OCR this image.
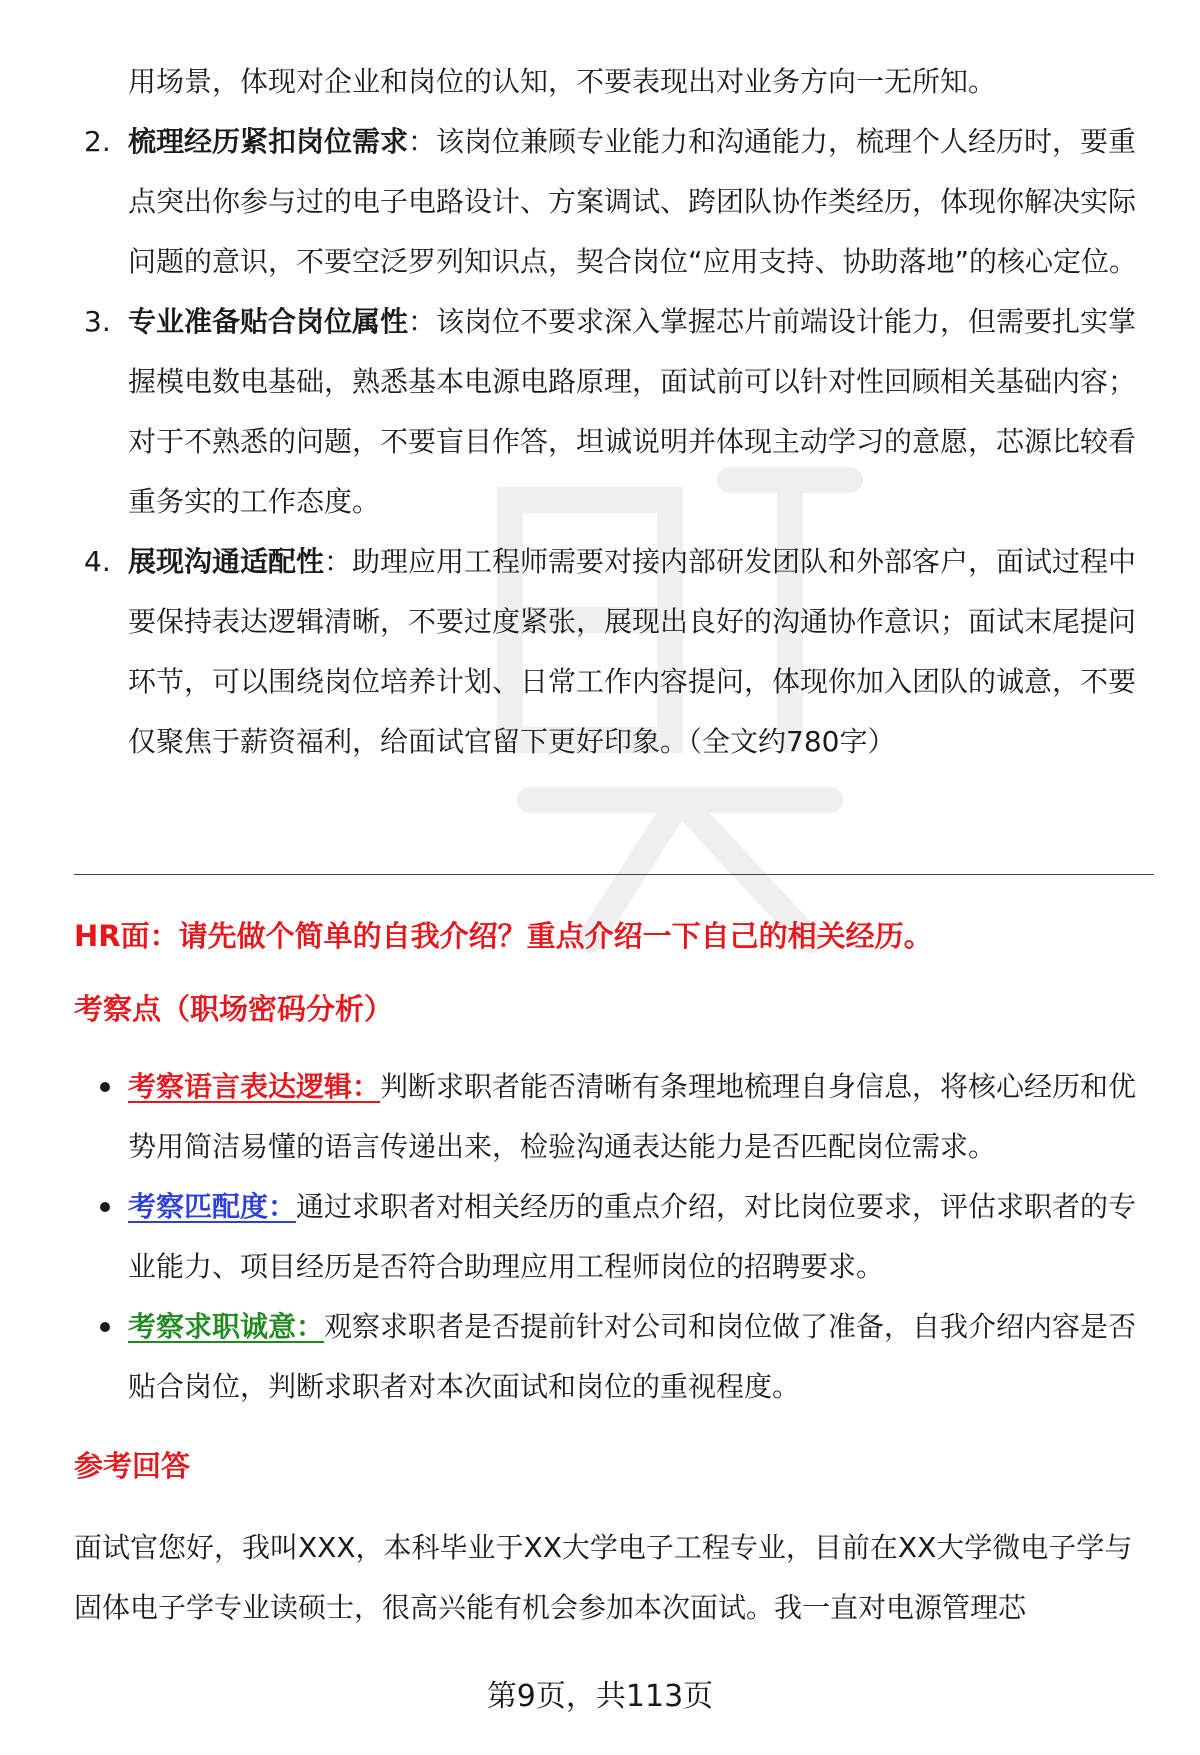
用场景，体现对企业和岗位的认知，不要表现出对业务方向一无所知。
2. 梳理经历紧扣岗位需求：该岗位兼顾专业能力和沟通能力，梳理个人经历时，要重点突出你参与过的电子电路设计、方案调试、跨团队协作类经历，体现你解决实际问题的意识，不要空泛罗列知识点，契合岗位“应用支持、协助落地”的核心定位。
3. 专业准备贴合岗位属性：该岗位不要求深入掌握芯片前端设计能力，但需要扎实掌握模电数电基础，熟悉基本电源电路原理，面试前可以针对性回顾相关基础内容；对于不熟悉的问题，不要盲目作答，坦诚说明并体现主动学习的意愿，芯源比较看重务实的工作态度。
4. 展现沟通适配性：助理应用工程师需要对接内部研发团队和外部客户，面试过程中要保持表达逻辑清晰，不要过度紧张，展现出良好的沟通协作意识；面试末尾提问环节，可以围绕岗位培养计划、日常工作内容提问，体现你加入团队的诚意，不要仅聚焦于薪资福利，给面试官留下更好印象。（全文约780字）
HR面：请先做个简单的自我介绍？重点介绍一下自己的相关经历。
考察点（职场密码分析）
考察语言表达逻辑：判断求职者能否清晰有条理地梳理自身信息，将核心经历和优势用简洁易懂的语言传递出来，检验沟通表达能力是否匹配岗位需求。
考察匹配度：通过求职者对相关经历的重点介绍，对比岗位要求，评估求职者的专业能力、项目经历是否符合助理应用工程师岗位的招聘要求。
考察求职诚意：观察求职者是否提前针对公司和岗位做了准备，自我介绍内容是否贴合岗位，判断求职者对本次面试和岗位的重视程度。
参考回答
面试官您好，我叫XXX，本科毕业于XX大学电子工程专业，目前在XX大学微电子学与固体电子学专业读硕士，很高兴能有机会参加本次面试。我一直对电源管理芯
第9页，共113页
